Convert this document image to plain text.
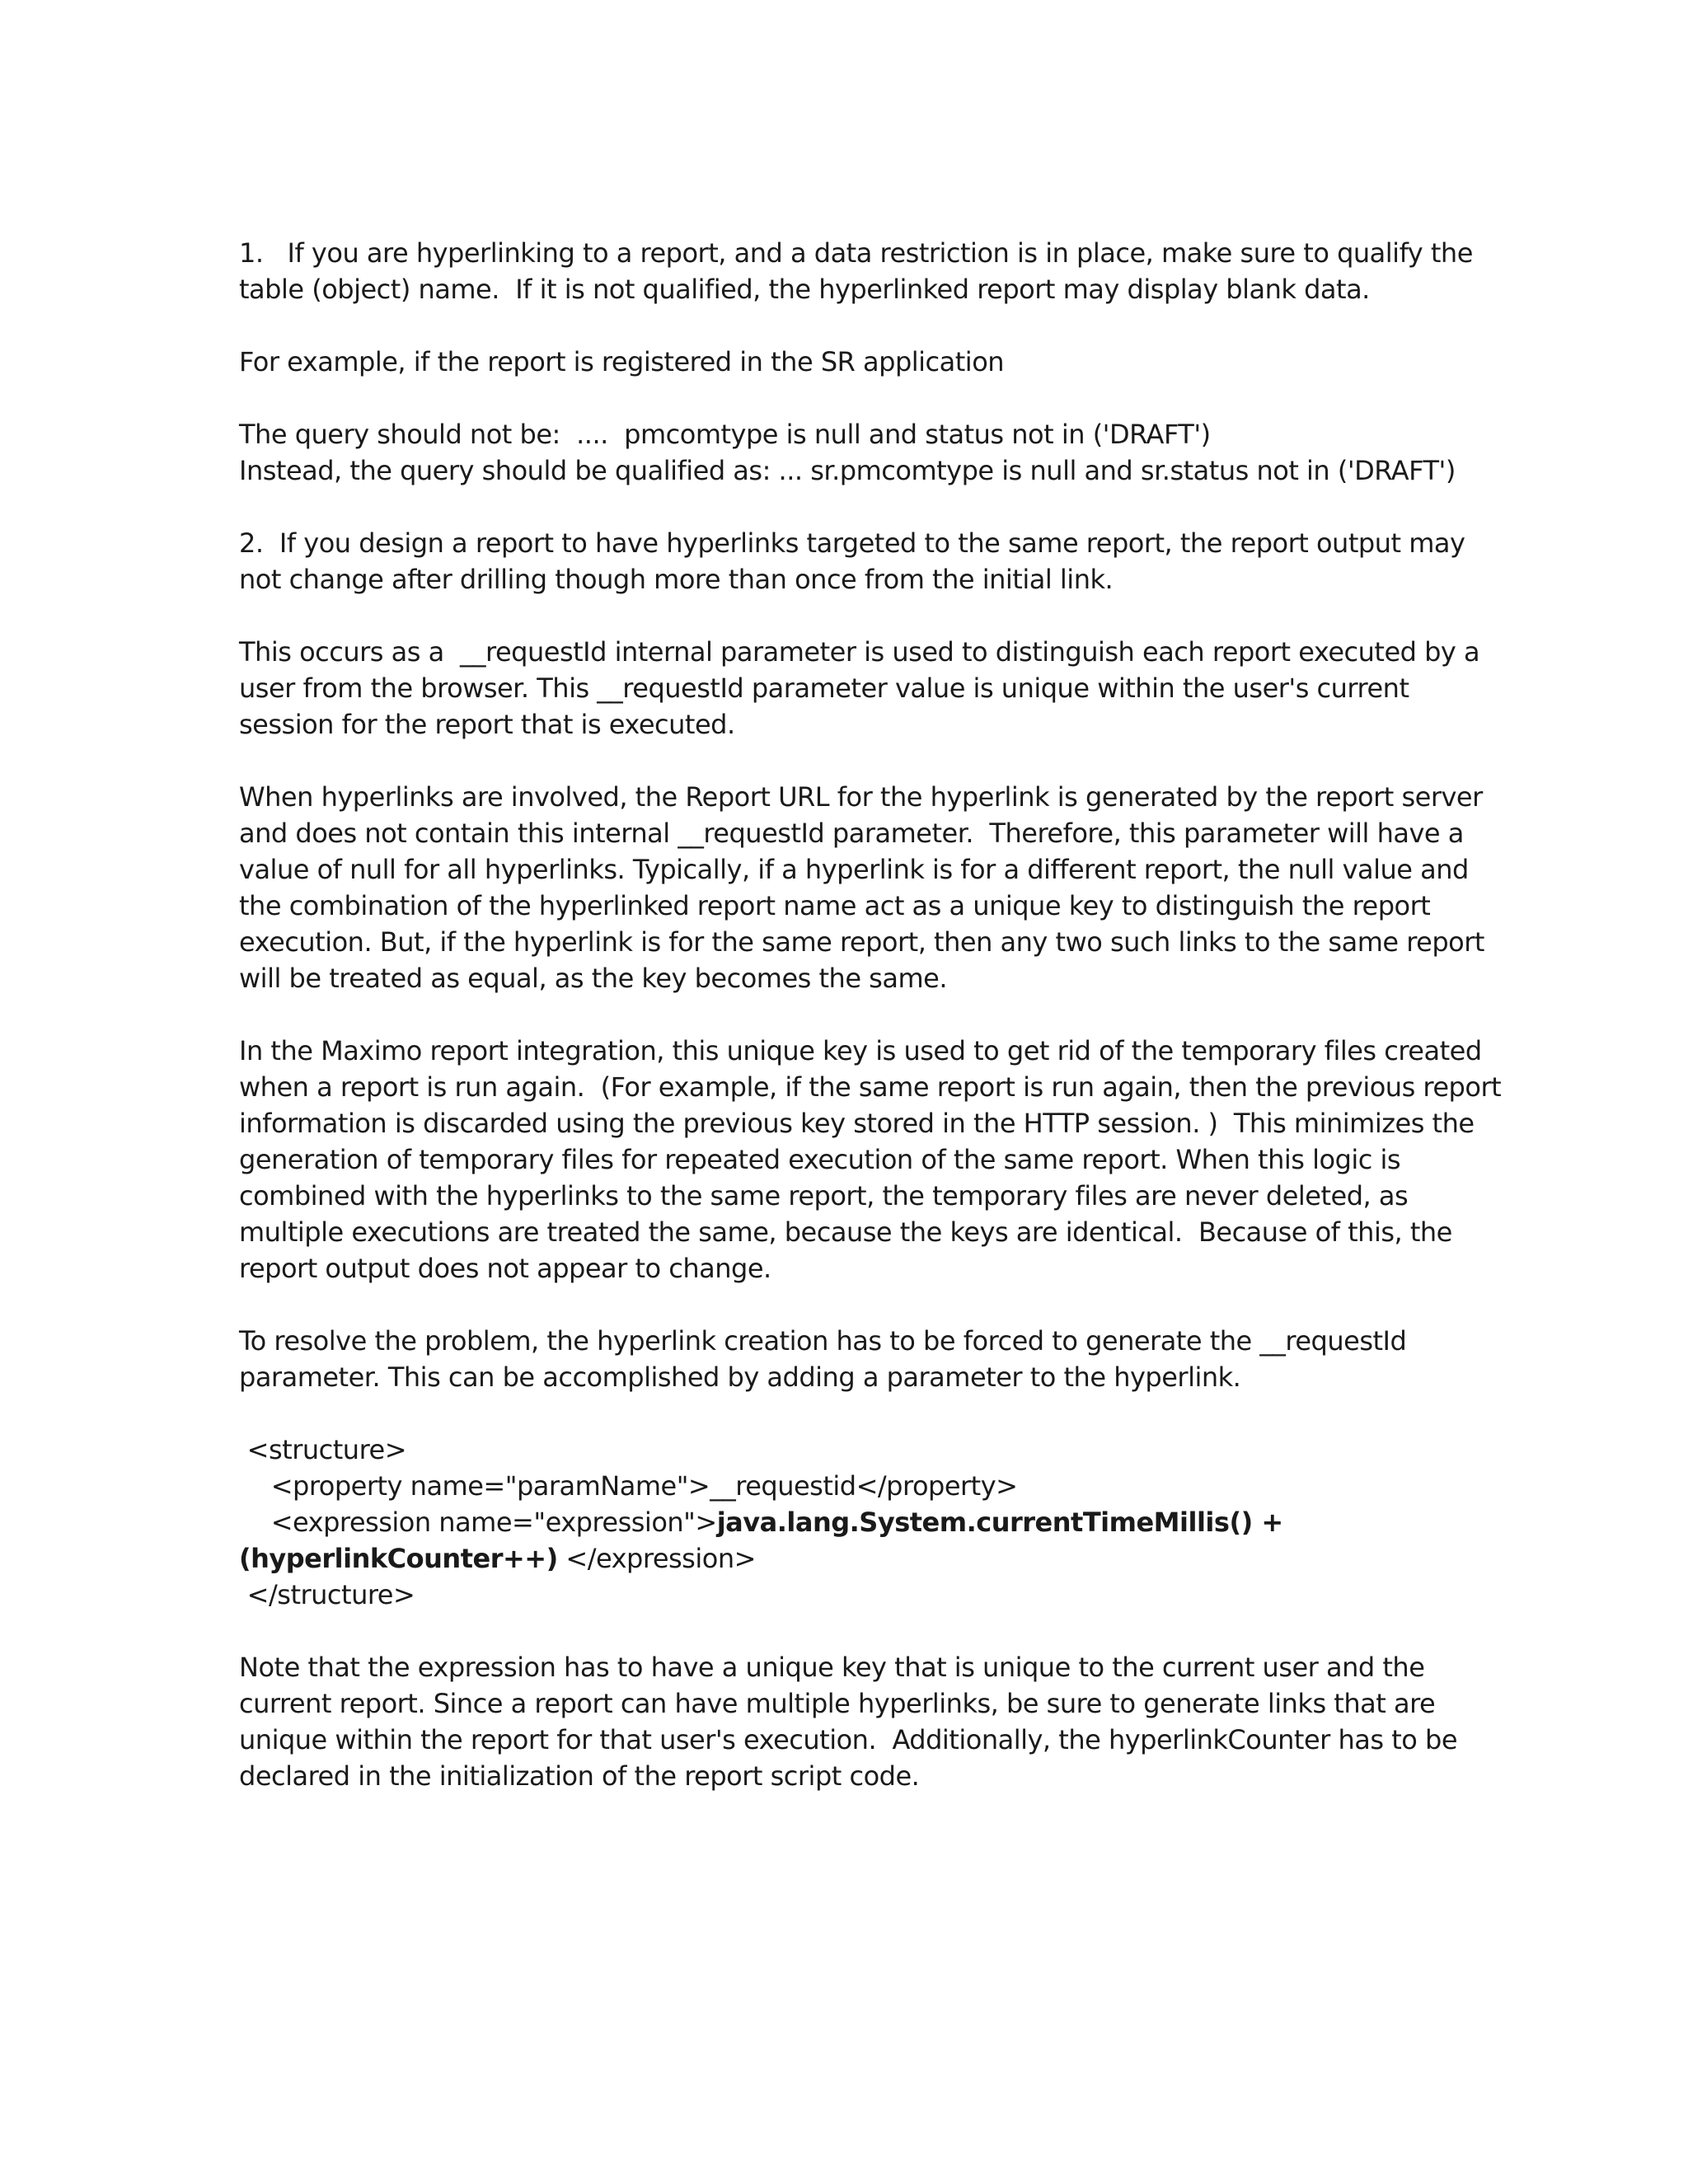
1.   If you are hyperlinking to a report, and a data restriction is in place, make sure to qualify the
table (object) name.  If it is not qualified, the hyperlinked report may display blank data.
For example, if the report is registered in the SR application
The query should not be:  ....  pmcomtype is null and status not in ('DRAFT')
Instead, the query should be qualified as: ... sr.pmcomtype is null and sr.status not in ('DRAFT')
2.  If you design a report to have hyperlinks targeted to the same report, the report output may
not change after drilling though more than once from the initial link.
This occurs as a  __requestId internal parameter is used to distinguish each report executed by a
user from the browser. This __requestId parameter value is unique within the user's current
session for the report that is executed.
When hyperlinks are involved, the Report URL for the hyperlink is generated by the report server
and does not contain this internal __requestId parameter.  Therefore, this parameter will have a
value of null for all hyperlinks. Typically, if a hyperlink is for a different report, the null value and
the combination of the hyperlinked report name act as a unique key to distinguish the report
execution. But, if the hyperlink is for the same report, then any two such links to the same report
will be treated as equal, as the key becomes the same.
In the Maximo report integration, this unique key is used to get rid of the temporary files created
when a report is run again.  (For example, if the same report is run again, then the previous report
information is discarded using the previous key stored in the HTTP session. )  This minimizes the
generation of temporary files for repeated execution of the same report. When this logic is
combined with the hyperlinks to the same report, the temporary files are never deleted, as
multiple executions are treated the same, because the keys are identical.  Because of this, the
report output does not appear to change.
To resolve the problem, the hyperlink creation has to be forced to generate the __requestId
parameter. This can be accomplished by adding a parameter to the hyperlink.
<structure>
<property name="paramName">__requestid</property>
<expression name="expression">java.lang.System.currentTimeMillis() +
(hyperlinkCounter++) </expression>
</structure>
Note that the expression has to have a unique key that is unique to the current user and the
current report. Since a report can have multiple hyperlinks, be sure to generate links that are
unique within the report for that user's execution.  Additionally, the hyperlinkCounter has to be
declared in the initialization of the report script code.
